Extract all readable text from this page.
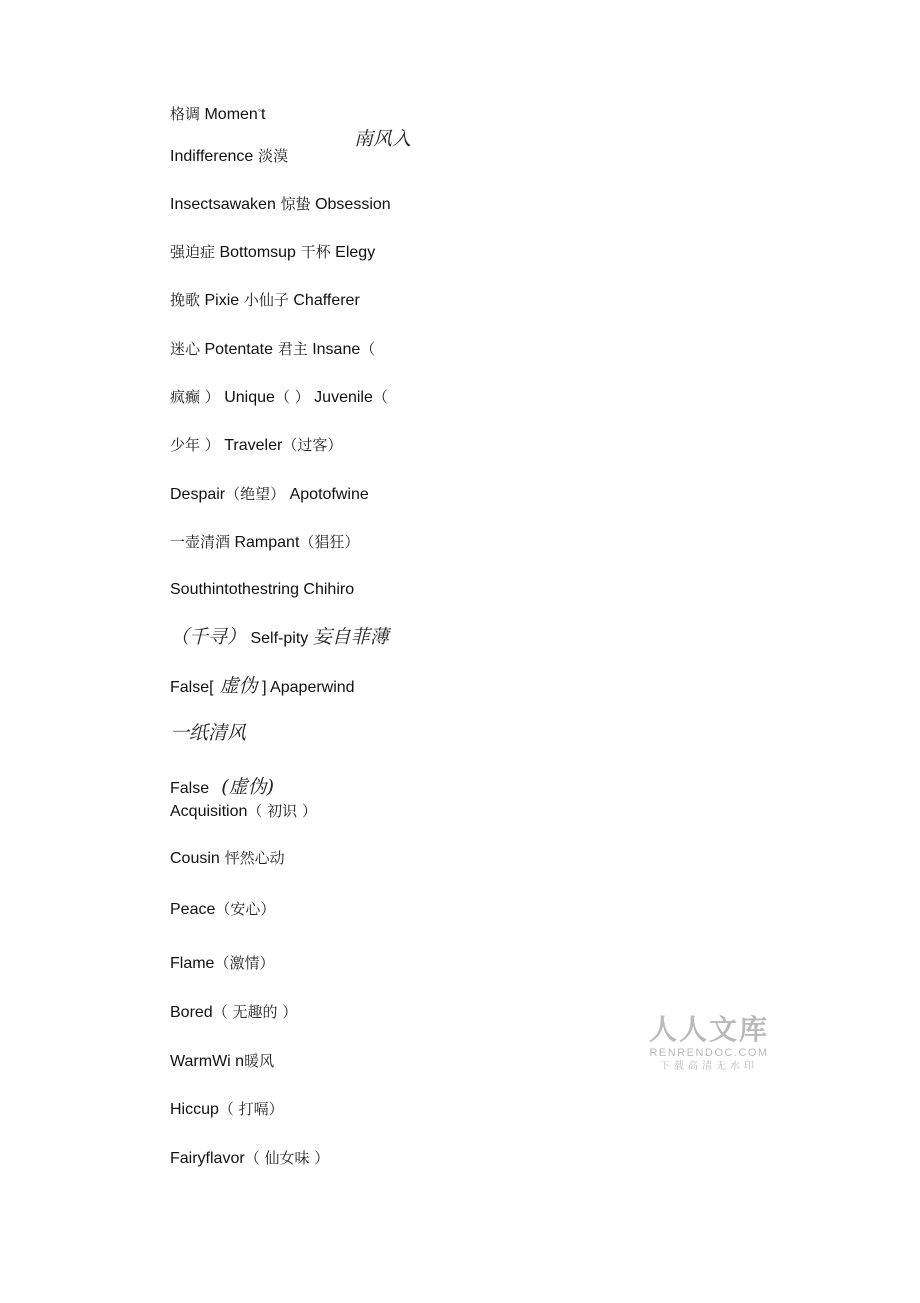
南风入
格调 Momen◦t
Indifference 淡漠
Insectsawaken 惊蛰 Obsession
强迫症 Bottomsup 干杯 Elegy
挽歌 Pixie 小仙子 Chafferer
迷心 Potentate 君主 Insane（
疯癫 ） Unique（ ） Juvenile（
少年 ） Traveler（过客）
Despair（绝望） Apotofwine
一壶清酒 Rampant（猖狂）
Southintothestring Chihiro
（千寻） Self-pity 妄自菲薄
False[ 虚伪 ] Apaperwind
一纸清风
False  (虚伪)
Acquisition（ 初识 ）
Cousin 怦然心动
Peace（安心）
Flame（激情）
Bored（ 无趣的 ）
WarmWi n暖风
Hiccup（ 打嗝）
Fairyflavor（ 仙女味 ）
人人文库
RENRENDOC.COM
下载高清无水印
